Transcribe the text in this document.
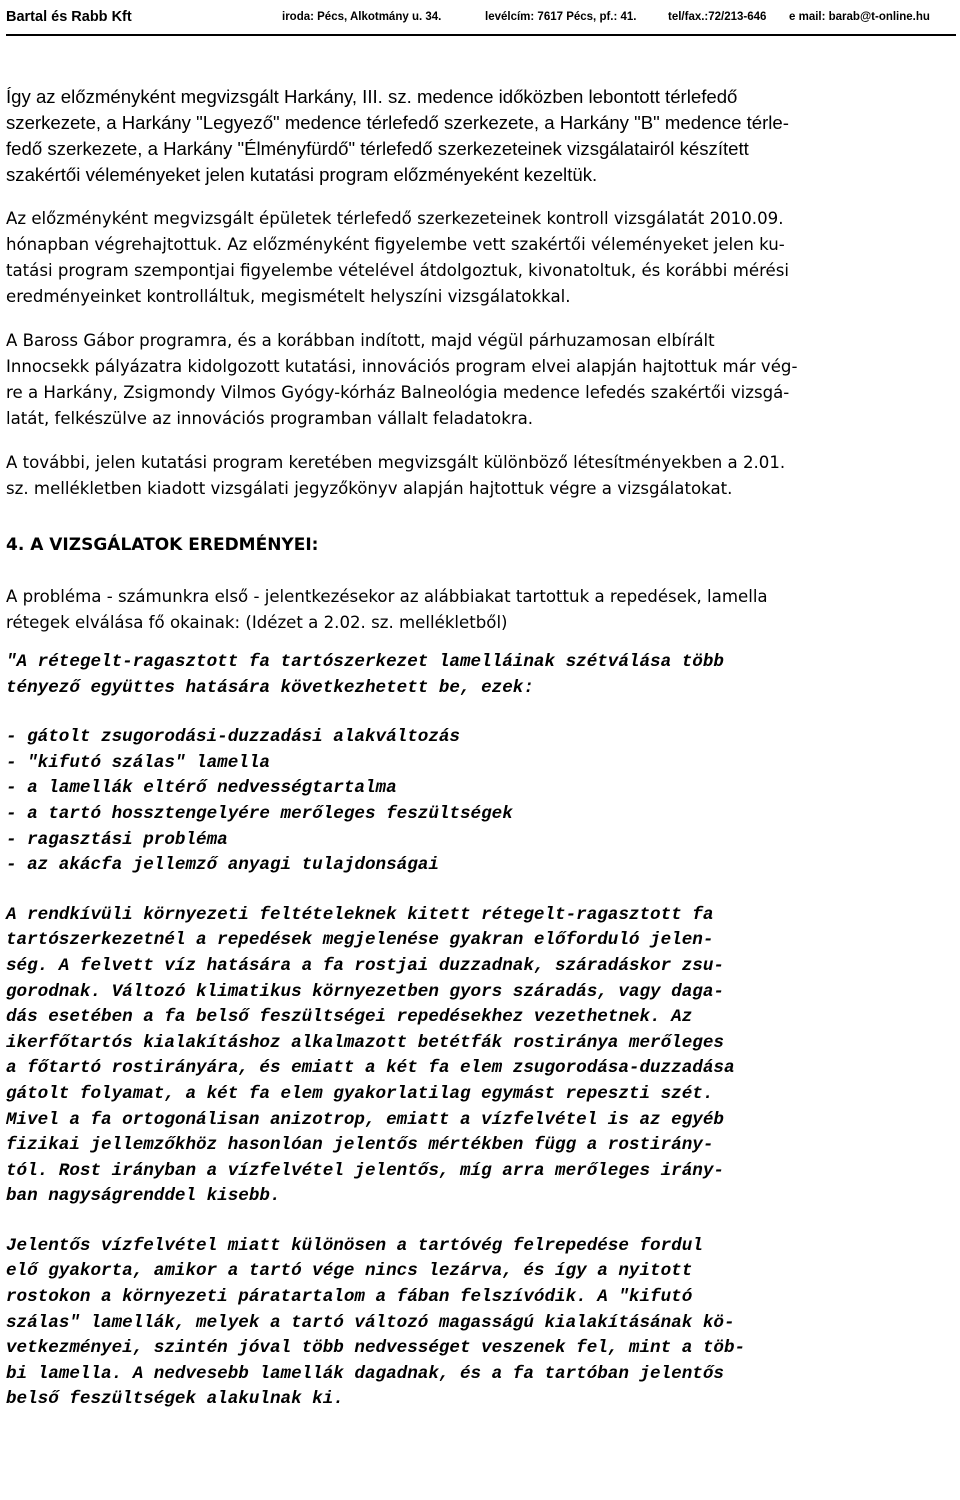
Bartal és Rabb Kft	iroda: Pécs, Alkotmány u. 34.	levélcím: 7617 Pécs, pf.: 41.	tel/fax.:72/213-646 e mail: barab@t-online.hu
Így az előzményként megvizsgált Harkány, III. sz. medence időközben lebontott térlefedő
szerkezete, a Harkány "Legyező" medence térlefedő szerkezete, a Harkány "B" medence térle-
fedő szerkezete, a Harkány "Élményfürdő" térlefedő szerkezeteinek vizsgálatairól készített
szakértői véleményeket jelen kutatási program előzményeként kezeltük.
Az előzményként megvizsgált épületek térlefedő szerkezeteinek kontroll vizsgálatát 2010.09.
hónapban végrehajtottuk. Az előzményként figyelembe vett szakértői véleményeket jelen ku-
tatási program szempontjai figyelembe vételével átdolgoztuk, kivonatoltuk, és korábbi mérési
eredményeinket kontrolláltuk, megismételt helyszíni vizsgálatokkal.
A Baross Gábor programra, és a korábban indított, majd végül párhuzamosan elbírált
Innocsekk pályázatra kidolgozott kutatási, innovációs program elvei alapján hajtottuk már vég-
re a Harkány, Zsigmondy Vilmos Gyógy-kórház Balneológia medence lefedés szakértői vizsgá-
latát, felkészülve az innovációs programban vállalt feladatokra.
A további, jelen kutatási program keretében megvizsgált különböző létesítményekben a 2.01.
sz. mellékletben kiadott vizsgálati jegyzőkönyv alapján hajtottuk végre a vizsgálatokat.
4. A VIZSGÁLATOK EREDMÉNYEI:
A probléma - számunkra első - jelentkezésekor az alábbiakat tartottuk a repedések, lamella
rétegek elválása fő okainak: (Idézet a 2.02. sz. mellékletből)
"A rétegelt-ragasztott fa tartószerkezet lamelláinak szétválása több
tényező együttes hatására következhetett be, ezek:
- gátolt zsugorodási-duzzadási alakváltozás
- "kifutó szálas" lamella
- a lamellák eltérő nedvességtartalma
- a tartó hossztengelyére merőleges feszültségek
- ragasztási probléma
- az akácfa jellemző anyagi tulajdonságai
A rendkívüli környezeti feltételeknek kitett rétegelt-ragasztott fa
tartószerkezetnél a repedések megjelenése gyakran előforduló jelen-
ség. A felvett víz hatására a fa rostjai duzzadnak, száradáskor zsu-
gorodnak. Változó klimatikus környezetben gyors száradás, vagy daga-
dás esetében a fa belső feszültségei repedésekhez vezethetnek. Az
ikerfőtartós kialakításhoz alkalmazott betétfák rostiránya merőleges
a főtartó rostirányára, és emiatt a két fa elem zsugorodása-duzzadása
gátolt folyamat, a két fa elem gyakorlatilag egymást repeszti szét.
Mivel a fa ortogonálisan anizotrop, emiatt a vízfelvétel is az egyéb
fizikai jellemzőkhöz hasonlóan jelentős mértékben függ a rostirány-
tól. Rost irányban a vízfelvétel jelentős, míg arra merőleges irány-
ban nagyságrenddel kisebb.
Jelentős vízfelvétel miatt különösen a tartóvég felrepedése fordul
elő gyakorta, amikor a tartó vége nincs lezárva, és így a nyitott
rostokon a környezeti páratartalom a fában felszívódik. A "kifutó
szálas" lamellák, melyek a tartó változó magasságú kialakításának kö-
vetkezményei, szintén jóval több nedvességet veszenek fel, mint a töb-
bi lamella. A nedvesebb lamellák dagadnak, és a fa tartóban jelentős
belső feszültségek alakulnak ki.
